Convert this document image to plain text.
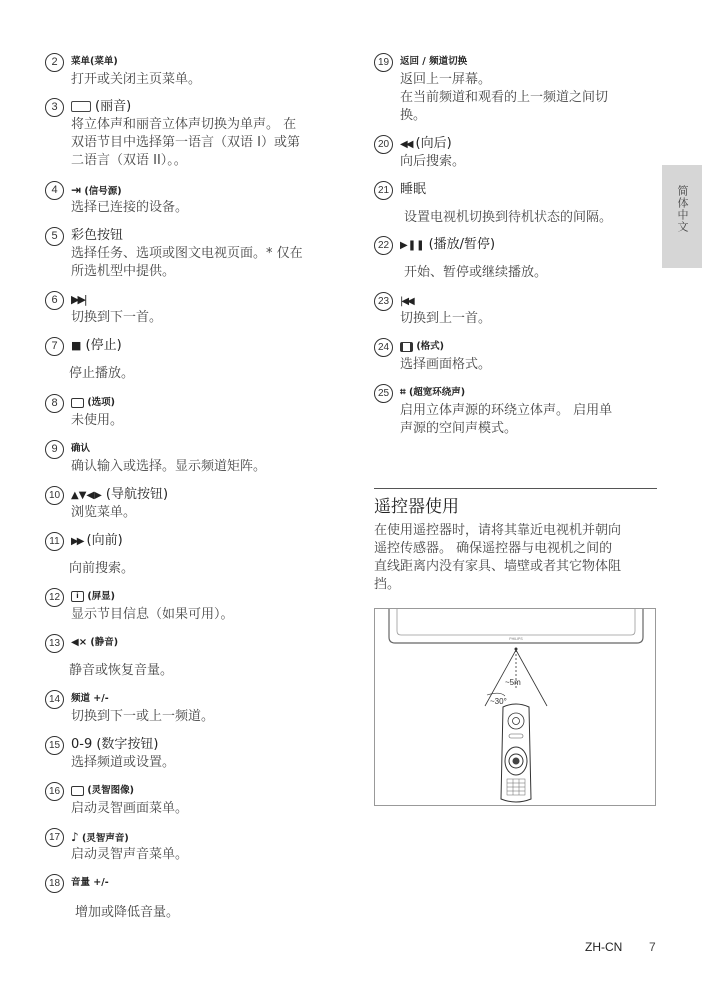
2	菜单(菜单)
打开或关闭主页菜单。
3	(丽音)
将立体声和丽音立体声切换为单声。 在
双语节目中选择第一语言（双语 I）或第
二语言（双语 II）。。
4	⇥ (信号源)
选择已连接的设备。
5	彩色按钮
选择任务、选项或图文电视页面。* 仅在
所选机型中提供。
6	▶▶|
切换到下一首。
7	■ (停止)
停止播放。
8	(选项)
未使用。
9	确认
确认输入或选择。显示频道矩阵。
10	▲▼◀▶ (导航按钮)
浏览菜单。
11	▶▶ (向前)
向前搜索。
12	i (屏显)
显示节目信息（如果可用）。
13	◀× (静音)
静音或恢复音量。
14	频道 +/-
切换到下一或上一频道。
15 0-9 (数字按钮)
选择频道或设置。
16	(灵智图像)
启动灵智画面菜单。
17 ♪ (灵智声音)
启动灵智声音菜单。
18	音量 +/-
增加或降低音量。
19	返回 / 频道切换
返回上一屏幕。
在当前频道和观看的上一频道之间切
换。
20	◀◀ (向后)
向后搜索。
21 睡眠
设置电视机切换到待机状态的间隔。
22	▶❚❚ (播放/暂停)
开始、暂停或继续播放。
23	|◀◀
切换到上一首。
24	(格式)
选择画面格式。
25	⌗ (超宽环绕声)
启用立体声源的环绕立体声。 启用单
声源的空间声模式。
简体中文
遥控器使用
在使用遥控器时，请将其靠近电视机并朝向
遥控传感器。 确保遥控器与电视机之间的
直线距离内没有家具、墙壁或者其它物体阻
挡。
PHILIPS
~5m
~30°
ZH-CN 7
